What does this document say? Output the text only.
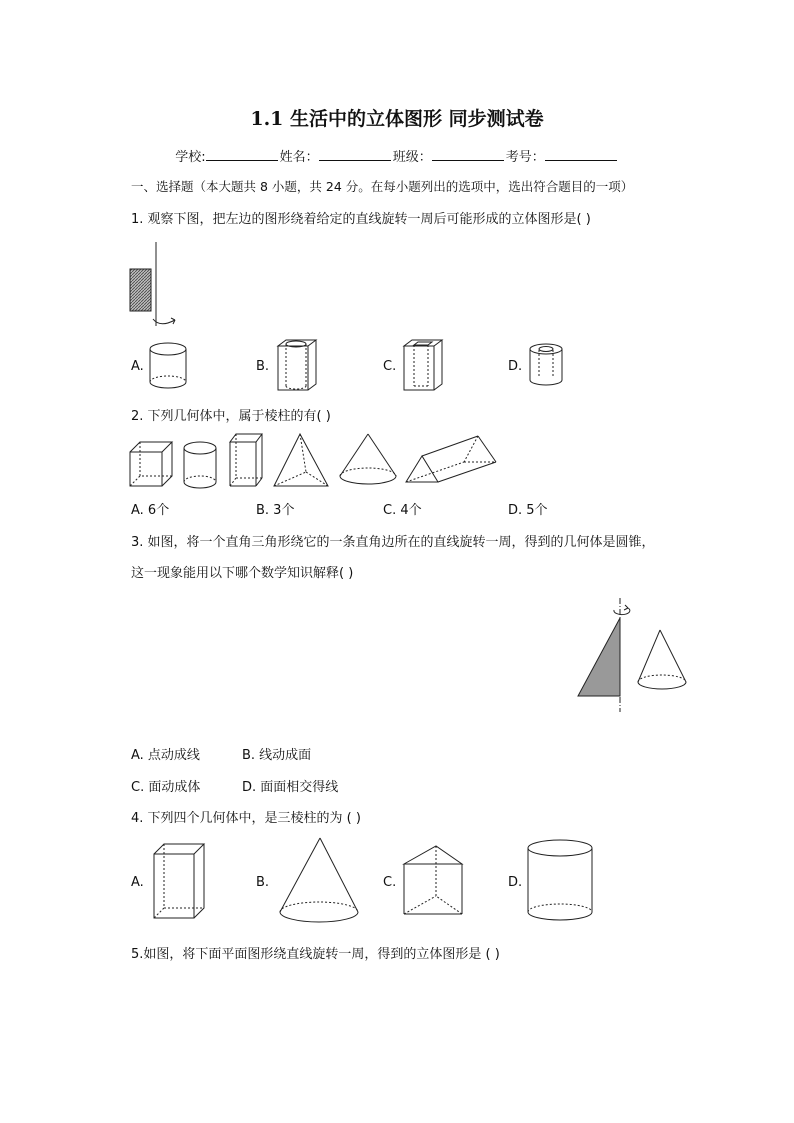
1.1 生活中的立体图形 同步测试卷
学校:	姓名：	班级：	考号：
一、选择题（本大题共 8 小题，共 24 分。在每小题列出的选项中，选出符合题目的一项）
1. 观察下图，把左边的图形绕着给定的直线旋转一周后可能形成的立体图形是( )
A.	B.	C.	D.
2. 下列几何体中，属于棱柱的有( )
A. 6个	B. 3个	C. 4个	D. 5个
3. 如图，将一个直角三角形绕它的一条直角边所在的直线旋转一周，得到的几何体是圆锥，
这一现象能用以下哪个数学知识解释( )
A. 点动成线	B. 线动成面
C. 面动成体	D. 面面相交得线
4. 下列四个几何体中，是三棱柱的为 ( )
A.	B.	C.	D.
5.如图，将下面平面图形绕直线旋转一周，得到的立体图形是 ( )
